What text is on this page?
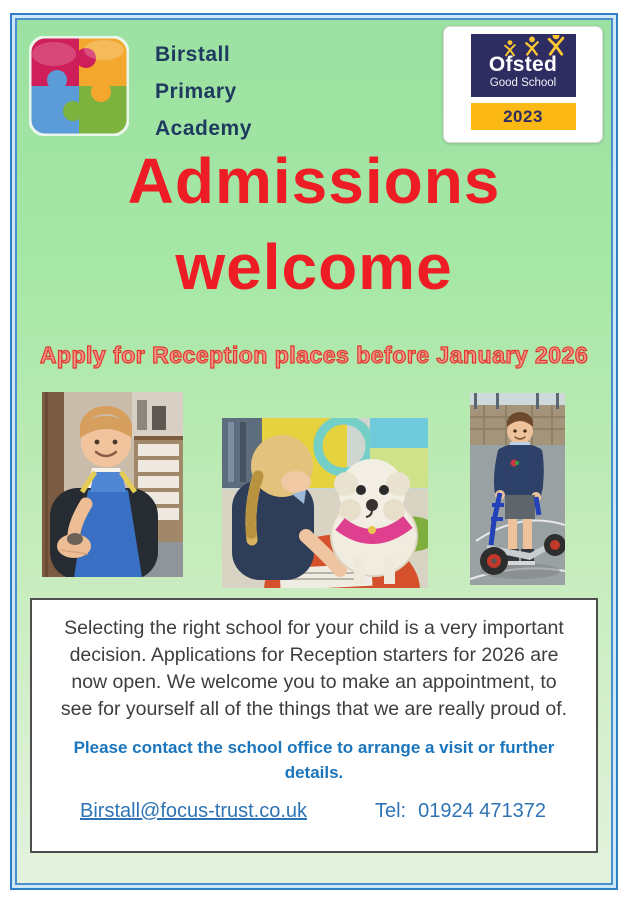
Birstall
Primary
Academy
Ofsted
Good School
2023
Admissions
welcome
Apply for Reception places before January 2026
Selecting the right school for your child is a very important decision. Applications for Reception starters for 2026 are now open. We welcome you to make an appointment, to see for yourself all of the things that we are really proud of.
Please contact the school office to arrange a visit or further details.
Birstall@focus-trust.co.uk	Tel: 01924 471372
